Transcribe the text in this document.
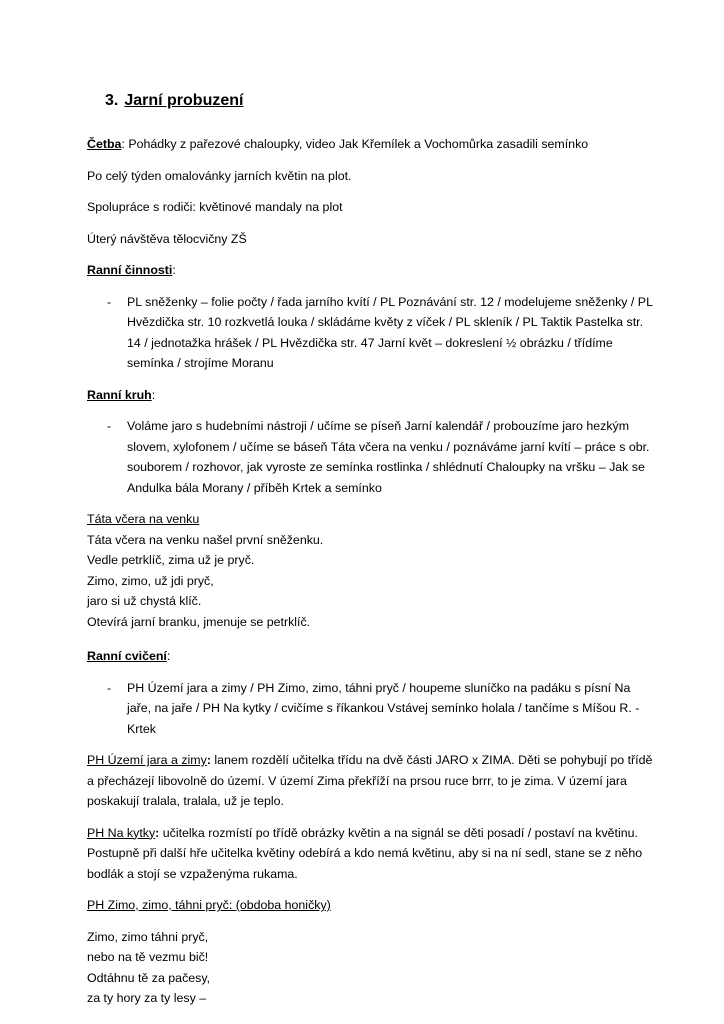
3. Jarní probuzení

Četba: Pohádky z pařezové chaloupky, video Jak Křemílek a Vochomůrka zasadili semínko

Po celý týden omalovánky jarních květin na plot.

Spolupráce s rodiči: květinové mandaly na plot

Úterý návštěva tělocvičny ZŠ

Ranní činnosti:

- PL sněženky – folie počty / řada jarního kvítí / PL Poznávání str. 12 / modelujeme sněženky / PL Hvězdička str. 10 rozkvetlá louka / skládáme květy z víček / PL skleník / PL Taktik Pastelka str. 14 / jednotažka hrášek / PL Hvězdička str. 47 Jarní květ – dokreslení ½ obrázku / třídíme semínka / strojíme Moranu

Ranní kruh:

- Voláme jaro s hudebními nástroji / učíme se píseň Jarní kalendář / probouzíme jaro hezkým slovem, xylofonem / učíme se báseň Táta včera na venku / poznáváme jarní kvítí – práce s obr. souborem / rozhovor, jak vyroste ze semínka rostlinka / shlédnutí Chaloupky na vršku – Jak se Andulka bála Morany / příběh Krtek a semínko
Táta včera na venku
Táta včera na venku našel první sněženku.
Vedle petrklíč, zima už je pryč.
Zimo, zimo, už jdi pryč,
jaro si už chystá klíč.
Otevírá jarní branku, jmenuje se petrklíč.

Ranní cvičení:

- PH Území jara a zimy / PH Zimo, zimo, táhni pryč / houpeme sluníčko na padáku s písní Na jaře, na jaře / PH Na kytky / cvičíme s říkankou Vstávej semínko holala / tančíme s Míšou R. - Krtek

PH Území jara a zimy: lanem rozdělí učitelka třídu na dvě části JARO x ZIMA. Děti se pohybují po třídě a přecházejí libovolně do území. V území Zima překříží na prsou ruce brrr, to je zima. V území jara poskakují tralala, tralala, už je teplo.

PH Na kytky: učitelka rozmístí po třídě obrázky květin a na signál se děti posadí / postaví na květinu. Postupně při další hře učitelka květiny odebírá a kdo nemá květinu, aby si na ní sedl, stane se z něho bodlák a stojí se vzpaženýma rukama.

PH Zimo, zimo, táhni pryč: (obdoba honičky)

Zimo, zimo táhni pryč,
nebo na tě vezmu bič!
Odtáhnu tě za pačesy,
za ty hory za ty lesy –
